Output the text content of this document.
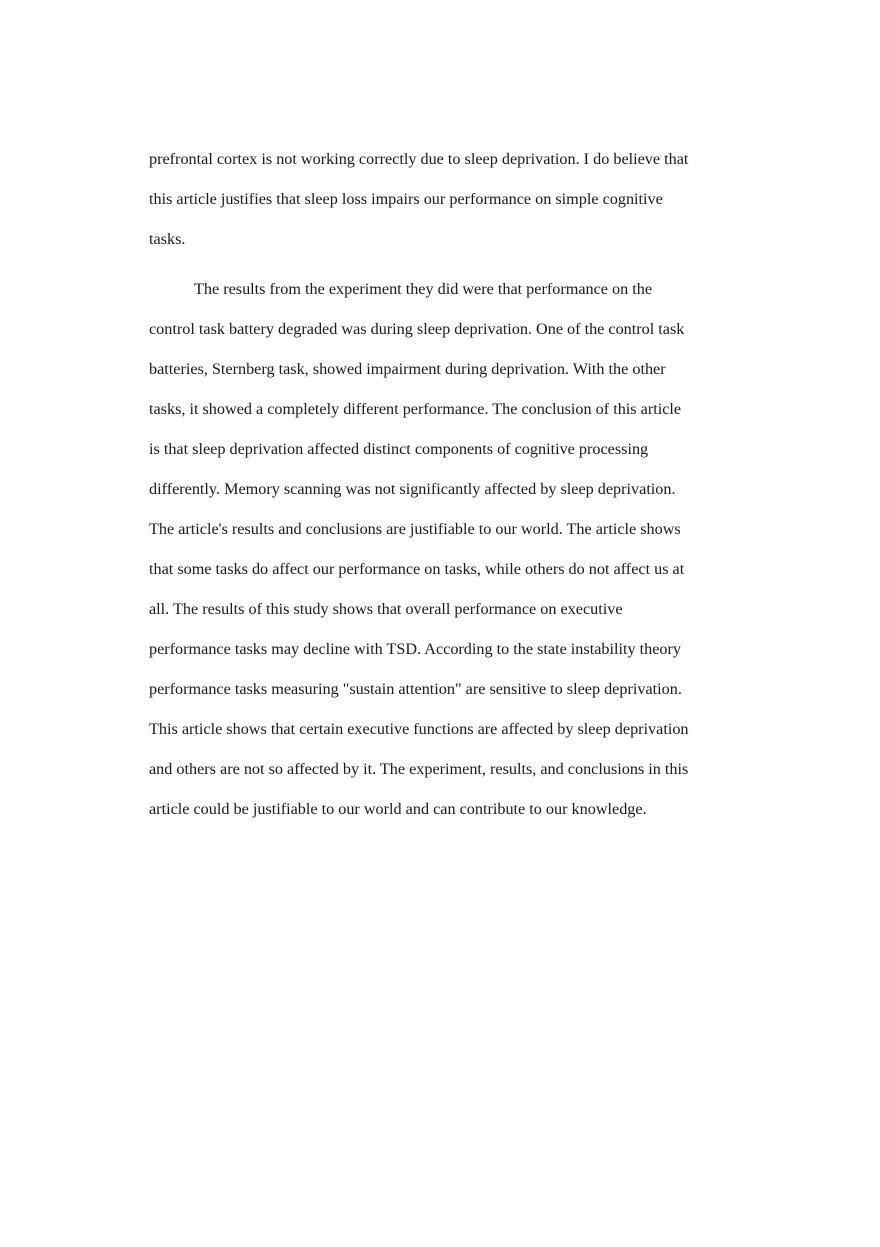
prefrontal cortex is not working correctly due to sleep deprivation. I do believe that
this article justifies that sleep loss impairs our performance on simple cognitive
tasks.
The results from the experiment they did were that performance on the
control task battery degraded was during sleep deprivation. One of the control task
batteries, Sternberg task, showed impairment during deprivation. With the other
tasks, it showed a completely different performance. The conclusion of this article
is that sleep deprivation affected distinct components of cognitive processing
differently. Memory scanning was not significantly affected by sleep deprivation.
The article's results and conclusions are justifiable to our world. The article shows
that some tasks do affect our performance on tasks, while others do not affect us at
all. The results of this study shows that overall performance on executive
performance tasks may decline with TSD. According to the state instability theory
performance tasks measuring "sustain attention" are sensitive to sleep deprivation.
This article shows that certain executive functions are affected by sleep deprivation
and others are not so affected by it. The experiment, results, and conclusions in this
article could be justifiable to our world and can contribute to our knowledge.
